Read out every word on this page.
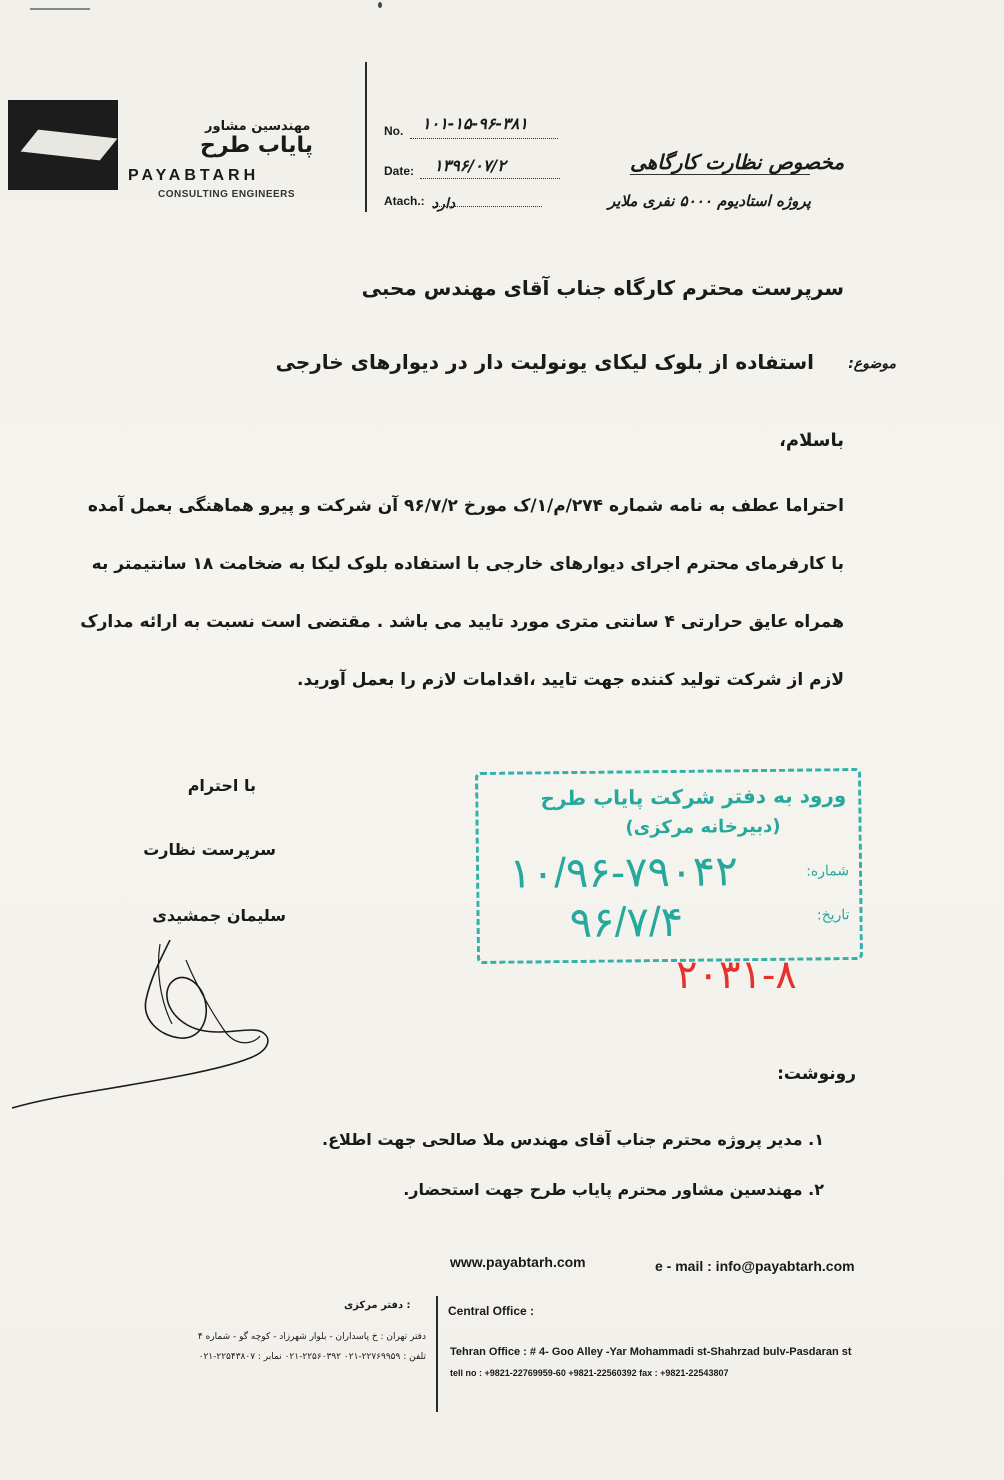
مهندسین مشاور
پایاب طرح
PAYABTARH
CONSULTING ENGINEERS
No. ۱۰۱-۱۵-۹۶-۳۸۱
Date: ۱۳۹۶/۰۷/۲
Atach.: دارد
مخصوص نظارت کارگاهی
پروژه استادیوم ۵۰۰۰ نفری ملایر
سرپرست محترم کارگاه جناب آقای مهندس محبی
موضوع:
استفاده از بلوک لیکای یونولیت دار در دیوارهای خارجی
باسلام،
احتراما عطف به نامه شماره ۲۷۴/م/۱/ک مورخ ۹۶/۷/۲ آن شرکت و پیرو هماهنگی بعمل آمده
با کارفرمای محترم اجرای دیوارهای خارجی با استفاده بلوک لیکا به ضخامت ۱۸ سانتیمتر به
همراه عایق حرارتی ۴ سانتی متری مورد تایید می باشد . مقتضی است نسبت به ارائه مدارک
لازم از شرکت تولید کننده جهت تایید ،اقدامات لازم را بعمل آورید.
با احترام
سرپرست نظارت
سلیمان جمشیدی
ورود به دفتر شرکت پایاب طرح
(دبیرخانه مرکزی)
شماره:
۱۰/۹۶-۷۹۰۴۲
تاریخ:
۹۶/۷/۴
۲۰۳۱-۸
رونوشت:
۱. مدیر پروژه محترم جناب آقای مهندس ملا صالحی جهت اطلاع.
۲. مهندسین مشاور محترم پایاب طرح جهت استحضار.
www.payabtarh.com	e - mail : info@payabtarh.com
: دفتر مرکزی	Central Office :
دفتر تهران : خ پاسداران - بلوار شهرزاد - کوچه گو - شماره ۴
تلفن : ۲۲۷۶۹۹۵۹-۰۲۱ ۲۲۵۶۰۳۹۲-۰۲۱ نمابر : ۲۲۵۴۳۸۰۷-۰۲۱ Tehran Office : # 4- Goo Alley -Yar Mohammadi st-Shahrzad bulv-Pasdaran st
tell no : +9821-22769959-60 +9821-22560392 fax : +9821-22543807
